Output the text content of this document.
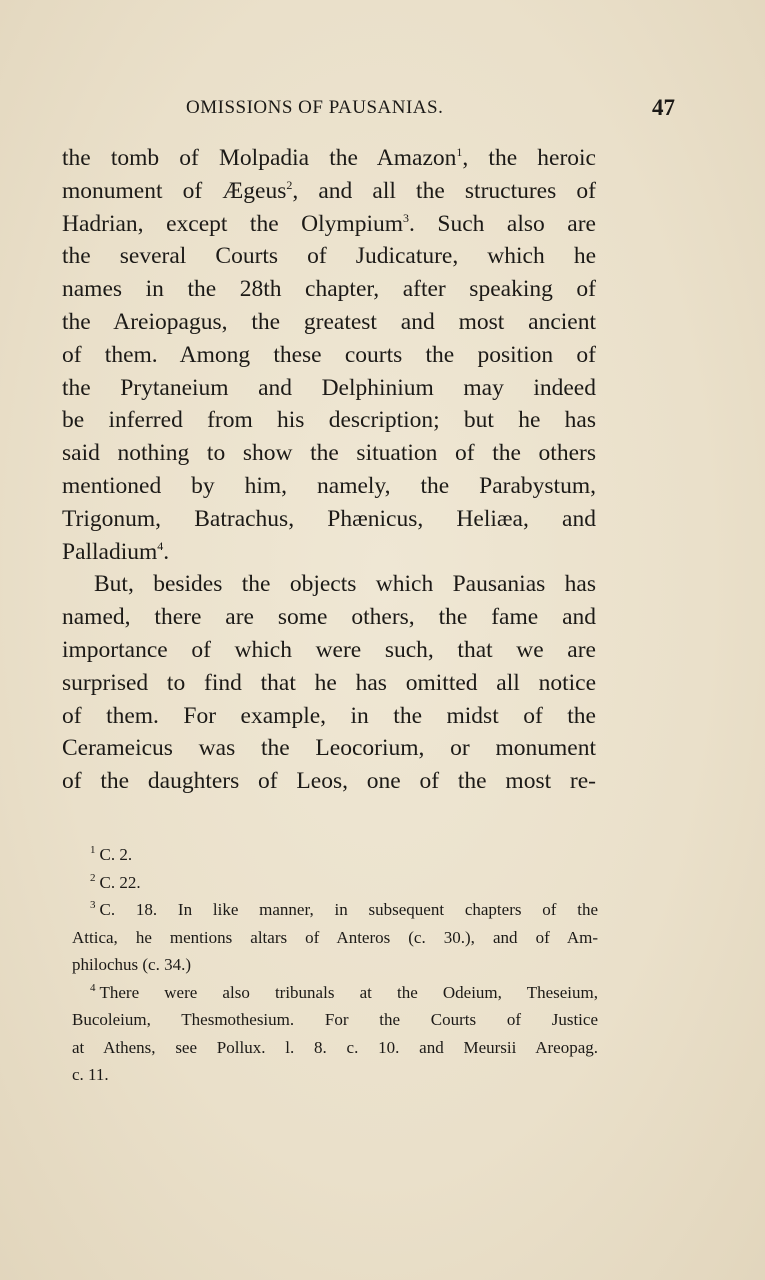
OMISSIONS OF PAUSANIAS.	47

the tomb of Molpadia the Amazon$^1$, the heroic
monument of Ægeus$^2$, and all the structures of
Hadrian, except the Olympium$^3$. Such also are
the several Courts of Judicature, which he
names in the 28th chapter, after speaking of
the Areiopagus, the greatest and most ancient
of them. Among these courts the position of
the Prytaneium and Delphinium may indeed
be inferred from his description; but he has
said nothing to show the situation of the others
mentioned by him, namely, the Parabystum,
Trigonum, Batrachus, Phænicus, Heliæa, and
Palladium$^4$.

But, besides the objects which Pausanias has
named, there are some others, the fame and
importance of which were such, that we are
surprised to find that he has omitted all notice
of them. For example, in the midst of the
Cerameicus was the Leocorium, or monument
of the daughters of Leos, one of the most re-

$^1$ C. 2.
$^2$ C. 22.
$^3$ C. 18. In like manner, in subsequent chapters of the
Attica, he mentions altars of Anteros (c. 30.), and of Am-
philochus (c. 34.)
$^4$ There were also tribunals at the Odeium, Theseium,
Bucoleium, Thesmothesium. For the Courts of Justice
at Athens, see Pollux. l. 8. c. 10. and Meursii Areopag.
c. 11.
